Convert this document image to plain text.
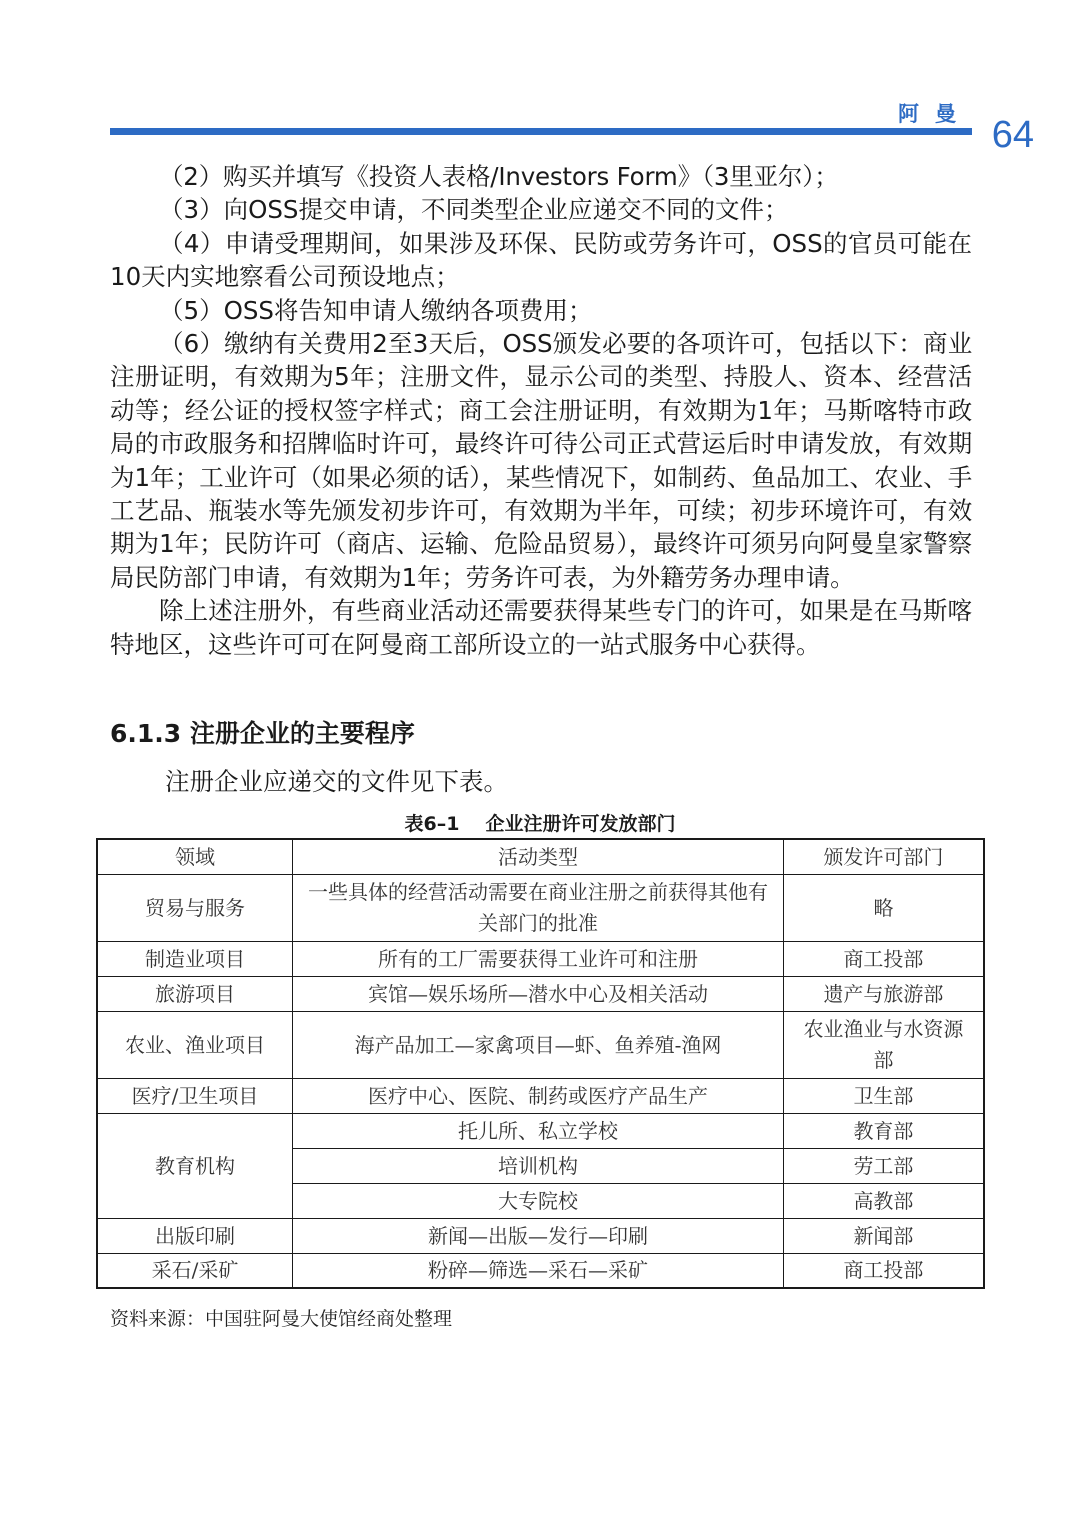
阿曼 64

（2）购买并填写《投资人表格/Investors Form》（3里亚尔）；

（3）向OSS提交申请，不同类型企业应递交不同的文件；

（4）申请受理期间，如果涉及环保、民防或劳务许可，OSS的官员可能在10天内实地察看公司预设地点；

（5）OSS将告知申请人缴纳各项费用；

（6）缴纳有关费用2至3天后，OSS颁发必要的各项许可，包括以下：商业注册证明，有效期为5年；注册文件，显示公司的类型、持股人、资本、经营活动等；经公证的授权签字样式；商工会注册证明，有效期为1年；马斯喀特市政局的市政服务和招牌临时许可，最终许可待公司正式营运后时申请发放，有效期为1年；工业许可（如果必须的话），某些情况下，如制药、鱼品加工、农业、手工艺品、瓶装水等先颁发初步许可，有效期为半年，可续；初步环境许可，有效期为1年；民防许可（商店、运输、危险品贸易），最终许可须另向阿曼皇家警察局民防部门申请，有效期为1年；劳务许可表，为外籍劳务办理申请。

除上述注册外，有些商业活动还需要获得某些专门的许可，如果是在马斯喀特地区，这些许可可在阿曼商工部所设立的一站式服务中心获得。

6.1.3 注册企业的主要程序
注册企业应递交的文件见下表。
表6–1 企业注册许可发放部门
领域	活动类型	颁发许可部门
贸易与服务	一些具体的经营活动需要在商业注册之前获得其他有关部门的批准	略
制造业项目	所有的工厂需要获得工业许可和注册	商工投部
旅游项目	宾馆—娱乐场所—潜水中心及相关活动	遗产与旅游部
农业、渔业项目	海产品加工—家禽项目—虾、鱼养殖-渔网	农业渔业与水资源部
医疗/卫生项目	医疗中心、医院、制药或医疗产品生产	卫生部
教育机构	托儿所、私立学校	教育部
	培训机构	劳工部
	大专院校	高教部
出版印刷	新闻—出版—发行—印刷	新闻部
采石/采矿	粉碎—筛选—采石—采矿	商工投部
资料来源：中国驻阿曼大使馆经商处整理
